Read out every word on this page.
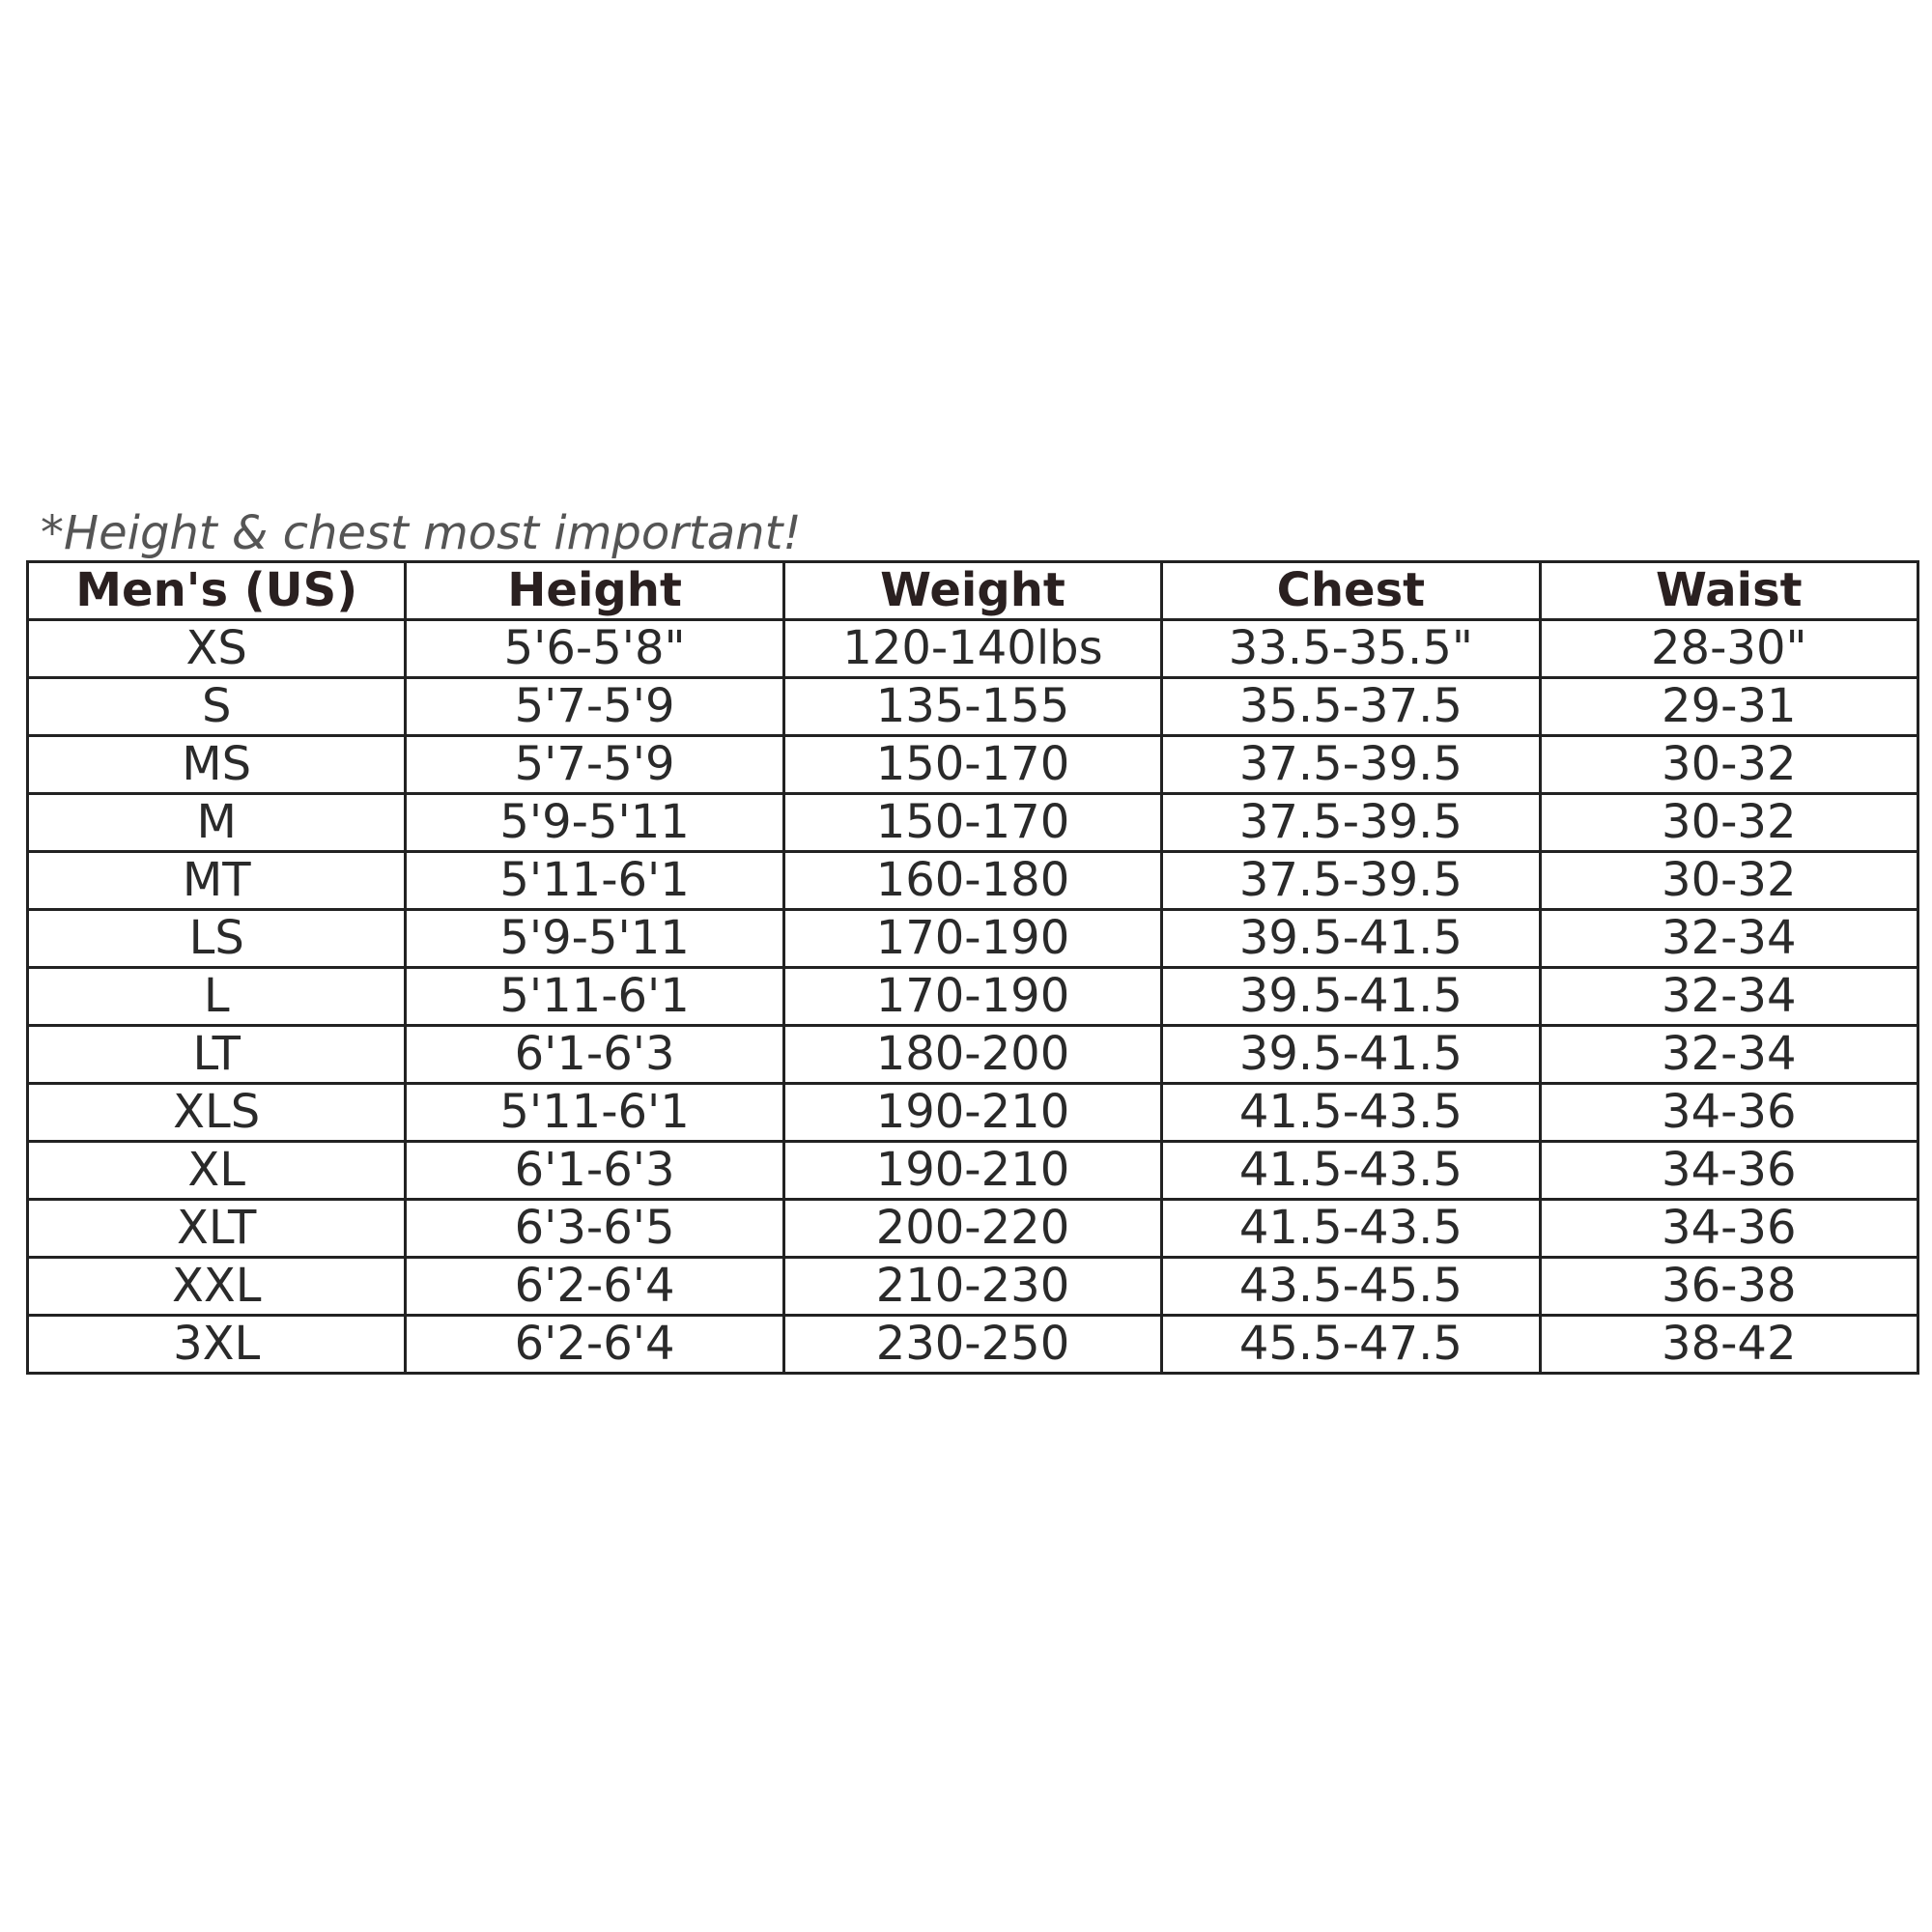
*Height & chest most important!
Men's (US)	Height	Weight	Chest	Waist
XS	5'6-5'8"	120-140lbs	33.5-35.5"	28-30"
S	5'7-5'9	135-155	35.5-37.5	29-31
MS	5'7-5'9	150-170	37.5-39.5	30-32
M	5'9-5'11	150-170	37.5-39.5	30-32
MT	5'11-6'1	160-180	37.5-39.5	30-32
LS	5'9-5'11	170-190	39.5-41.5	32-34
L	5'11-6'1	170-190	39.5-41.5	32-34
LT	6'1-6'3	180-200	39.5-41.5	32-34
XLS	5'11-6'1	190-210	41.5-43.5	34-36
XL	6'1-6'3	190-210	41.5-43.5	34-36
XLT	6'3-6'5	200-220	41.5-43.5	34-36
XXL	6'2-6'4	210-230	43.5-45.5	36-38
3XL	6'2-6'4	230-250	45.5-47.5	38-42
